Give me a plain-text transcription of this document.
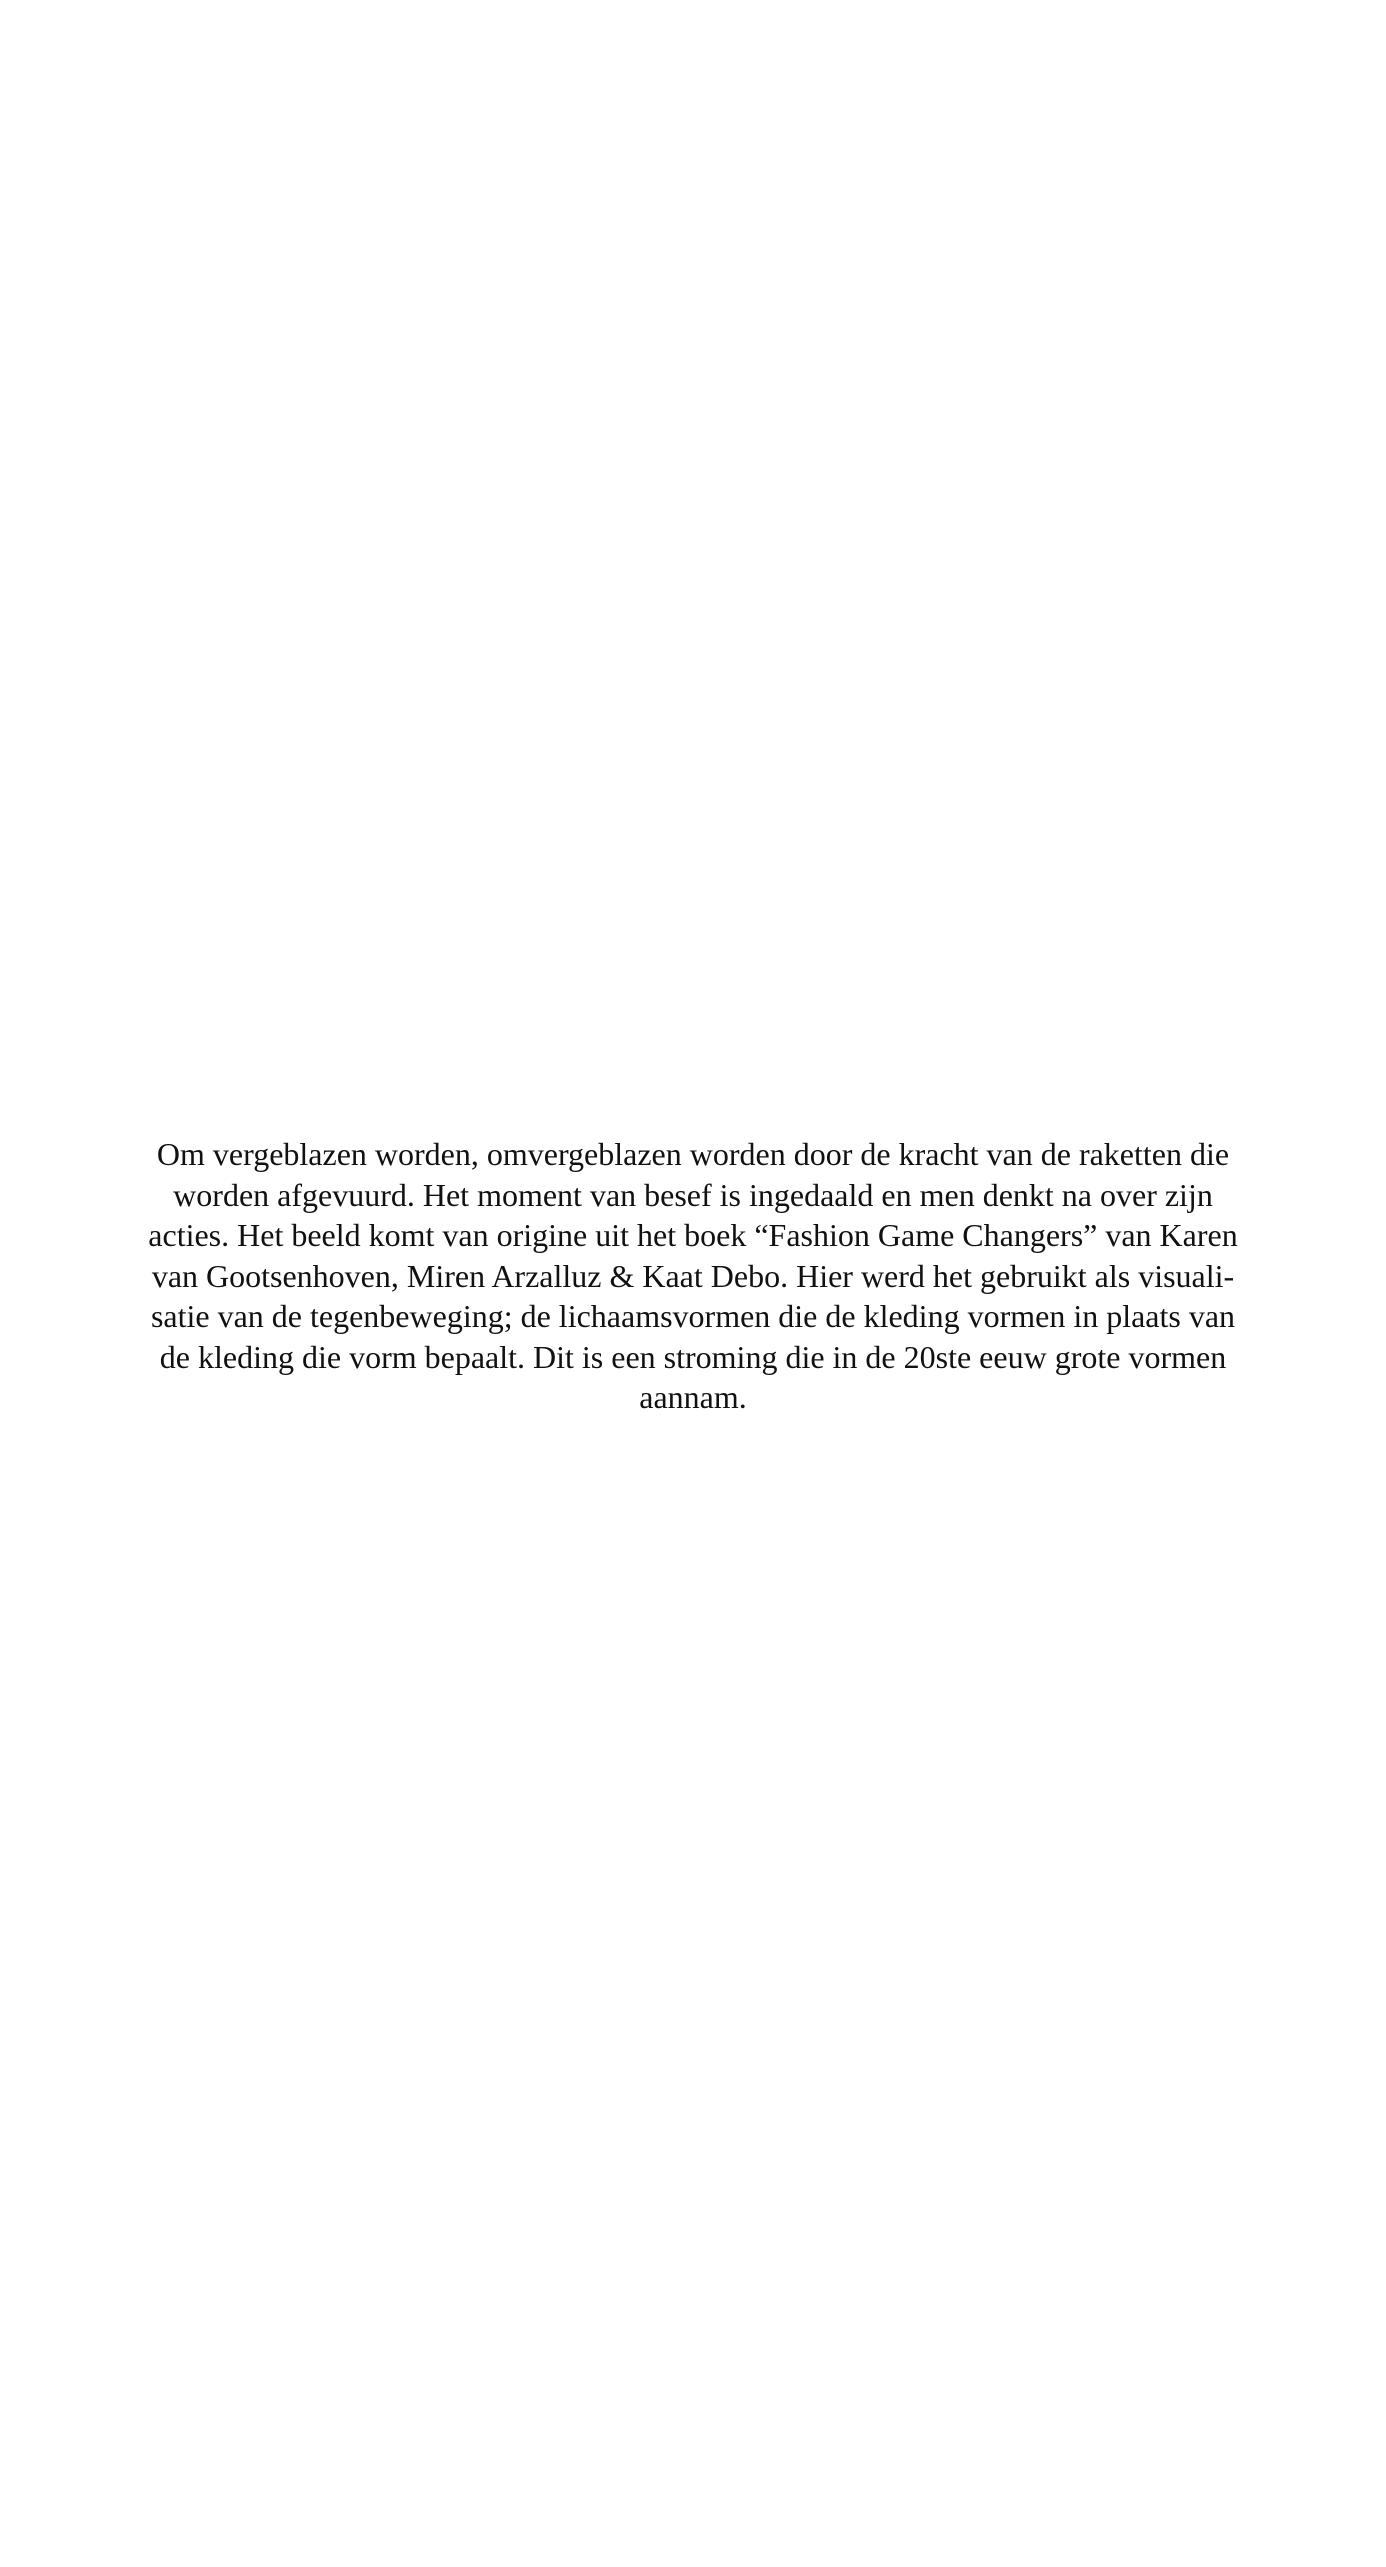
Om vergeblazen worden, omvergeblazen worden door de kracht van de raketten die
worden afgevuurd. Het moment van besef is ingedaald en men denkt na over zijn
acties. Het beeld komt van origine uit het boek “Fashion Game Changers” van Karen
van Gootsenhoven, Miren Arzalluz & Kaat Debo. Hier werd het gebruikt als visuali-
satie van de tegenbeweging; de lichaamsvormen die de kleding vormen in plaats van
de kleding die vorm bepaalt. Dit is een stroming die in de 20ste eeuw grote vormen
aannam.
